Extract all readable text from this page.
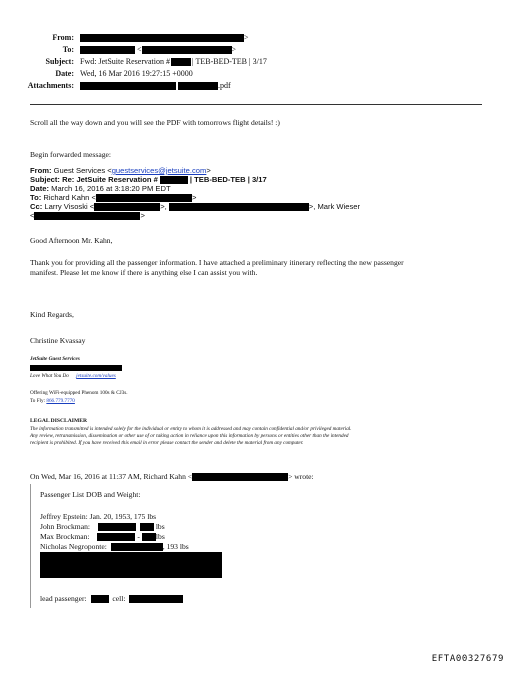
From:	>
To:	<	>
Subject: Fwd: JetSuite Reservation #	| TEB-BED-TEB | 3/17
Date: Wed, 16 Mar 2016 19:27:15 +0000
Attachments:	.pdf
Scroll all the way down and you will see the PDF with tomorrows flight details! :)
Begin forwarded message:
From: Guest Services <guestservices@jetsuite.com>
Subject: Re: JetSuite Reservation #	| TEB-BED-TEB | 3/17
Date: March 16, 2016 at 3:18:20 PM EDT
To: Richard Kahn <	>
Cc: Larry Visoski <	>,	>, Mark Wieser
<	>
Good Afternoon Mr. Kahn,
Thank you for providing all the passenger information. I have attached a preliminary itinerary reflecting the new passenger
manifest. Please let me know if there is anything else I can assist you with.
Kind Regards,
Christine Kvassay
JetSuite Guest Services
Love What You Do jetsuite.com/values
Offering WiFi-equipped Phenom 100s & CJ3s.
To Fly: 866.779.7770
LEGAL DISCLAIMER
The information transmitted is intended solely for the individual or entity to whom it is addressed and may contain confidential and/or privileged material.
Any review, retransmission, dissemination or other use of or taking action in reliance upon this information by persons or entities other than the intended
recipient is prohibited. If you have received this email in error please contact the sender and delete the material from any computer.
On Wed, Mar 16, 2016 at 11:37 AM, Richard Kahn <	> wrote:
Passenger List DOB and Weight:
Jeffrey Epstein: Jan. 20, 1953, 175 lbs
John Brockman:	lbs
Max Brockman:	- lbs
Nicholas Negroponte:	, 193 lbs
lead passenger:	cell:
EFTA00327679
